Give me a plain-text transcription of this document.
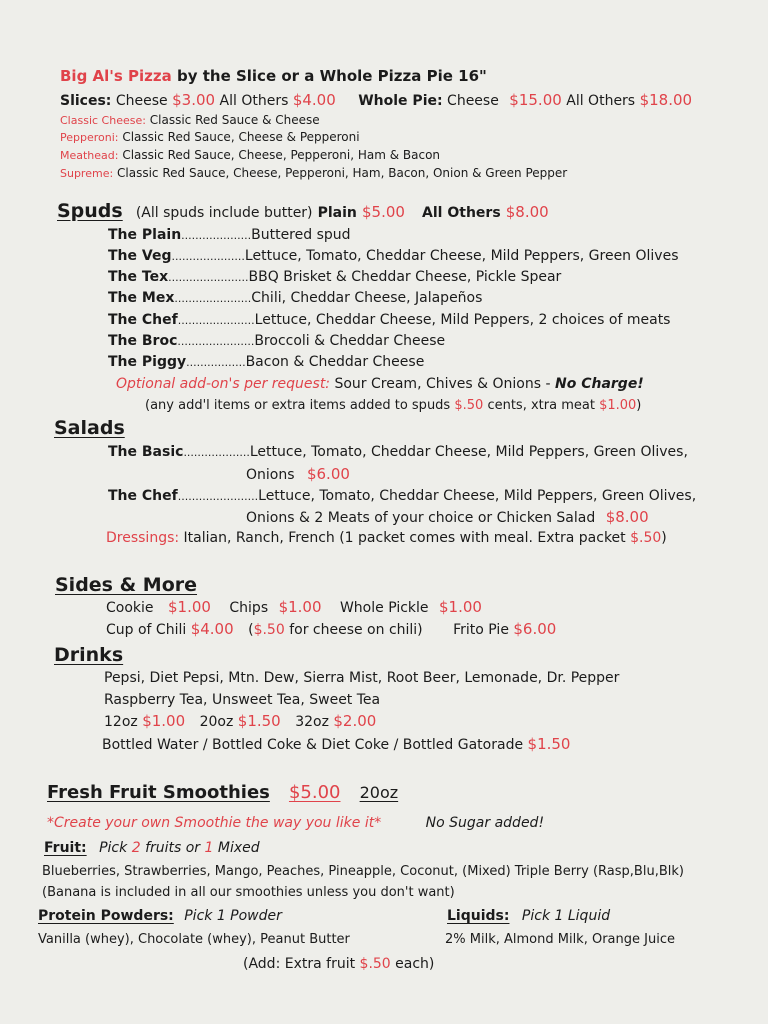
Big Al's Pizza by the Slice or a Whole Pizza Pie 16"
Slices: Cheese $3.00 All Others $4.00 Whole Pie: Cheese $15.00 All Others $18.00
Classic Cheese: Classic Red Sauce & Cheese
Pepperoni: Classic Red Sauce, Cheese & Pepperoni
Meathead: Classic Red Sauce, Cheese, Pepperoni, Ham & Bacon
Supreme: Classic Red Sauce, Cheese, Pepperoni, Ham, Bacon, Onion & Green Pepper
Spuds (All spuds include butter) Plain $5.00 All Others $8.00
The Plain....................Buttered spud
The Veg.....................Lettuce, Tomato, Cheddar Cheese, Mild Peppers, Green Olives
The Tex.......................BBQ Brisket & Cheddar Cheese, Pickle Spear
The Mex......................Chili, Cheddar Cheese, Jalapeños
The Chef......................Lettuce, Cheddar Cheese, Mild Peppers, 2 choices of meats
The Broc......................Broccoli & Cheddar Cheese
The Piggy.................Bacon & Cheddar Cheese
Optional add-on's per request: Sour Cream, Chives & Onions - No Charge!
(any add'l items or extra items added to spuds $.50 cents, xtra meat $1.00)
Salads
The Basic...................Lettuce, Tomato, Cheddar Cheese, Mild Peppers, Green Olives,
Onions $6.00
The Chef.......................Lettuce, Tomato, Cheddar Cheese, Mild Peppers, Green Olives,
Onions & 2 Meats of your choice or Chicken Salad $8.00
Dressings: Italian, Ranch, French (1 packet comes with meal. Extra packet $.50)
Sides & More
Cookie $1.00 Chips $1.00 Whole Pickle $1.00
Cup of Chili $4.00 ($.50 for cheese on chili) Frito Pie $6.00
Drinks
Pepsi, Diet Pepsi, Mtn. Dew, Sierra Mist, Root Beer, Lemonade, Dr. Pepper
Raspberry Tea, Unsweet Tea, Sweet Tea
12oz $1.00 20oz $1.50 32oz $2.00
Bottled Water / Bottled Coke & Diet Coke / Bottled Gatorade $1.50
Fresh Fruit Smoothies $5.00 20oz
*Create your own Smoothie the way you like it*	No Sugar added!
Fruit: Pick 2 fruits or 1 Mixed
Blueberries, Strawberries, Mango, Peaches, Pineapple, Coconut, (Mixed) Triple Berry (Rasp,Blu,Blk)
(Banana is included in all our smoothies unless you don't want)
Protein Powders: Pick 1 Powder	Liquids: Pick 1 Liquid
Vanilla (whey), Chocolate (whey), Peanut Butter	2% Milk, Almond Milk, Orange Juice
(Add: Extra fruit $.50 each)
